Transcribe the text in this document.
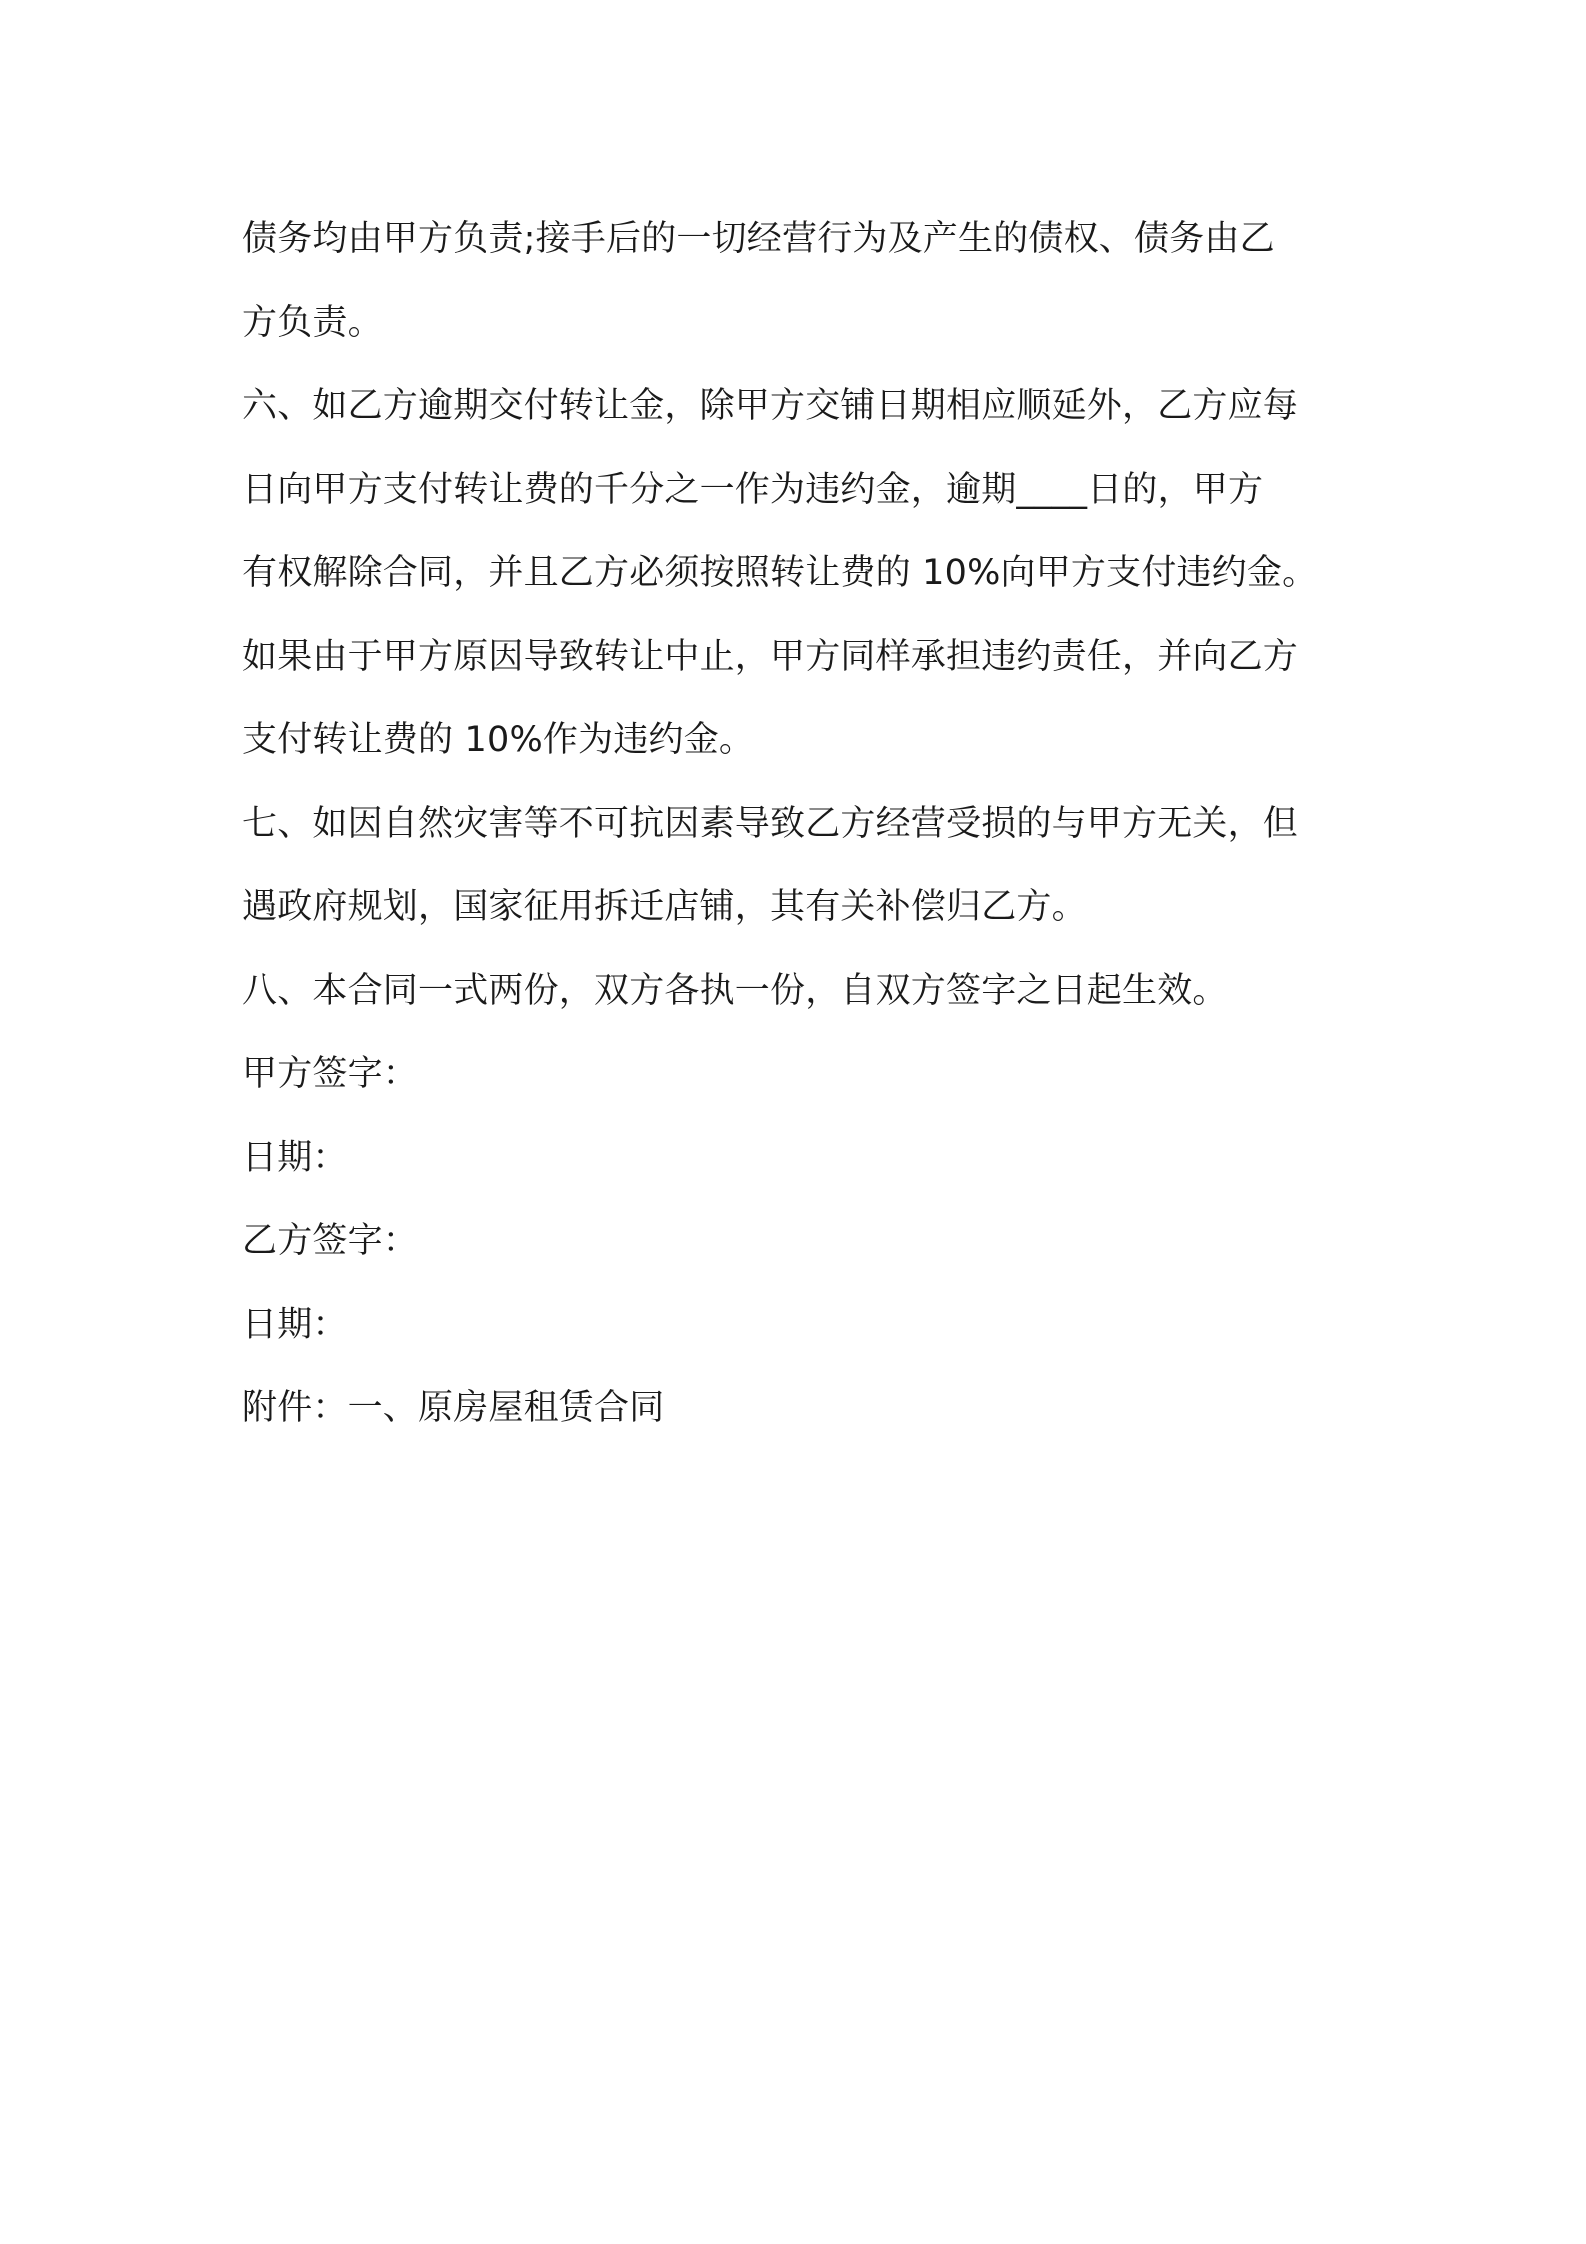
债务均由甲方负责;接手后的一切经营行为及产生的债权、债务由乙
方负责。
六、如乙方逾期交付转让金，除甲方交铺日期相应顺延外，乙方应每
日向甲方支付转让费的千分之一作为违约金，逾期____日的，甲方
有权解除合同，并且乙方必须按照转让费的 10%向甲方支付违约金。
如果由于甲方原因导致转让中止，甲方同样承担违约责任，并向乙方
支付转让费的 10%作为违约金。
七、如因自然灾害等不可抗因素导致乙方经营受损的与甲方无关，但
遇政府规划，国家征用拆迁店铺，其有关补偿归乙方。
八、本合同一式两份，双方各执一份，自双方签字之日起生效。
甲方签字：
日期：
乙方签字：
日期：
附件：一、原房屋租赁合同
